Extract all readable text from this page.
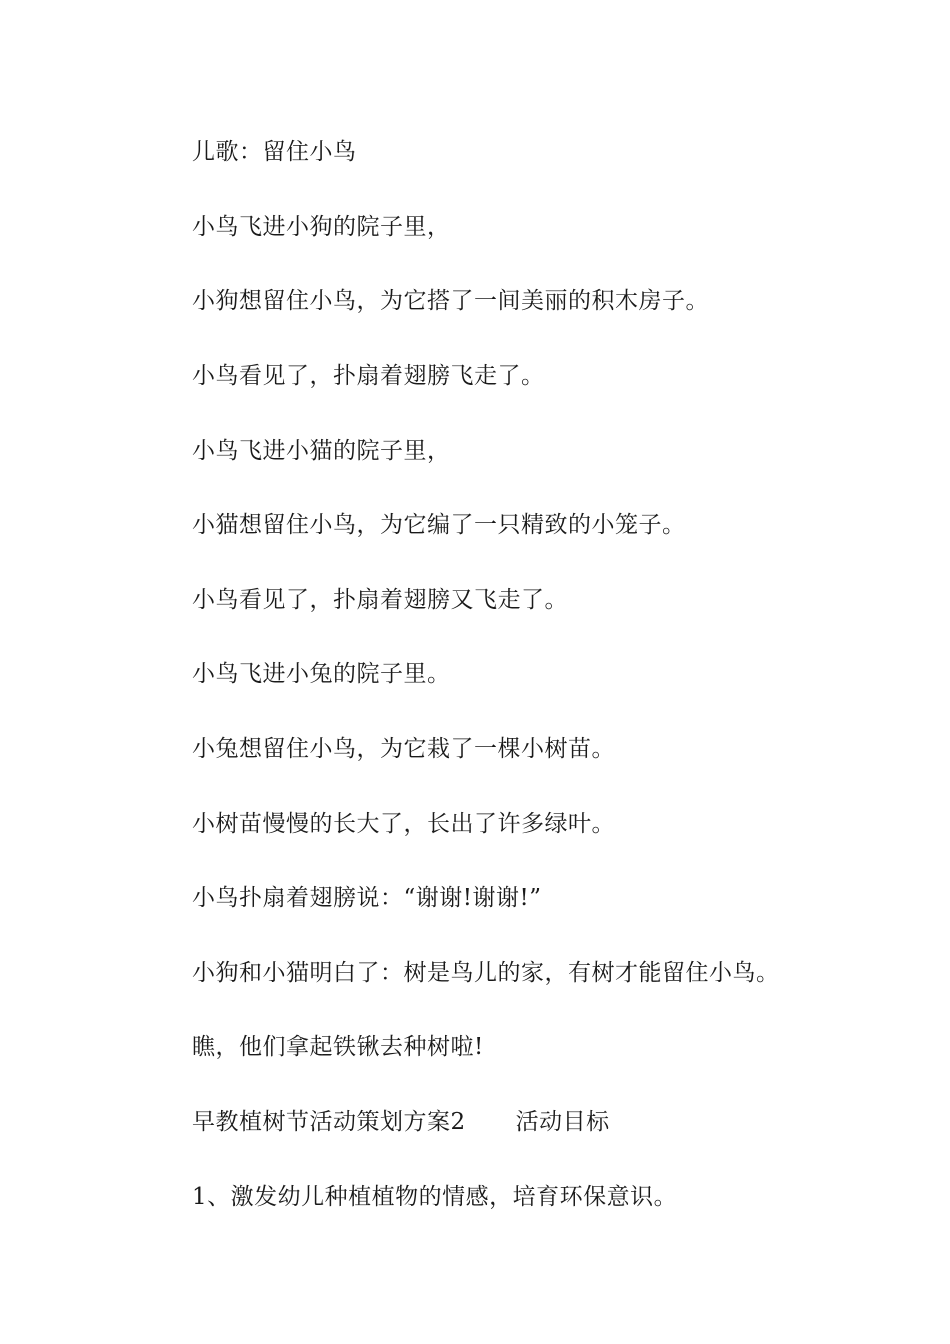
儿歌：留住小鸟

小鸟飞进小狗的院子里，

小狗想留住小鸟，为它搭了一间美丽的积木房子。

小鸟看见了，扑扇着翅膀飞走了。

小鸟飞进小猫的院子里，

小猫想留住小鸟，为它编了一只精致的小笼子。

小鸟看见了，扑扇着翅膀又飞走了。

小鸟飞进小兔的院子里。

小兔想留住小鸟，为它栽了一棵小树苗。

小树苗慢慢的长大了，长出了许多绿叶。

小鸟扑扇着翅膀说：“谢谢!谢谢!”

小狗和小猫明白了：树是鸟儿的家，有树才能留住小鸟。

瞧，他们拿起铁锹去种树啦!

早教植树节活动策划方案2 活动目标

1、激发幼儿种植植物的情感，培育环保意识。
